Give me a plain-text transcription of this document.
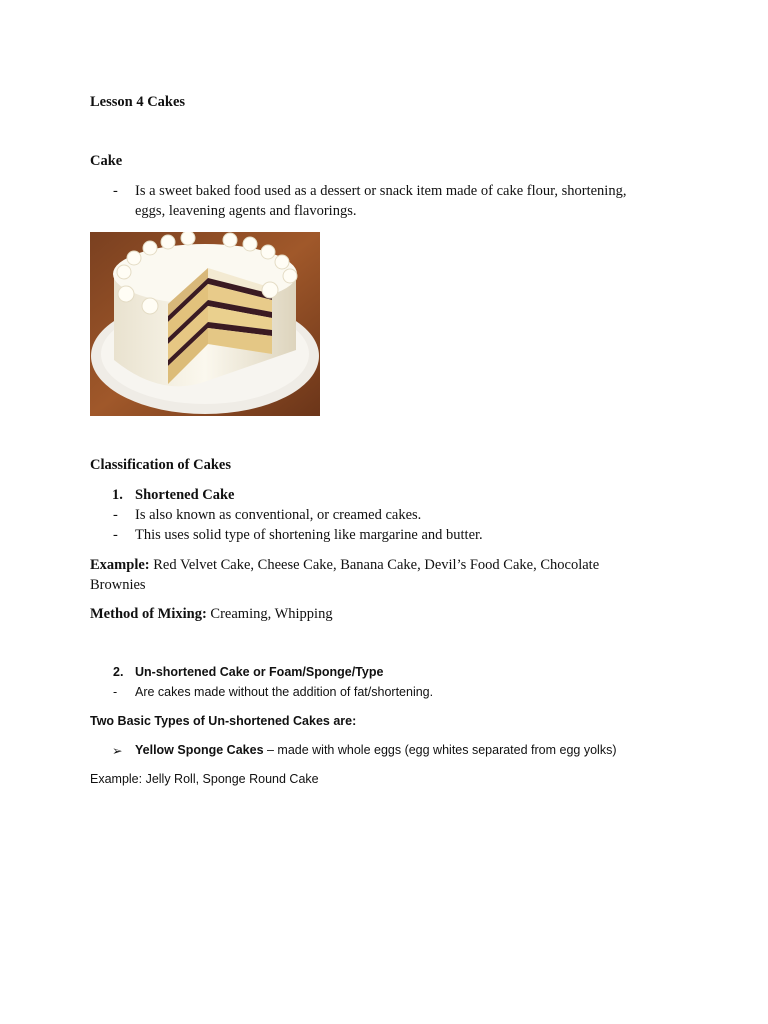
Lesson 4 Cakes
Cake
- Is a sweet baked food used as a dessert or snack item made of cake flour, shortening,
eggs, leavening agents and flavorings.
Classification of Cakes
1. Shortened Cake
- Is also known as conventional, or creamed cakes.
- This uses solid type of shortening like margarine and butter.
Example: Red Velvet Cake, Cheese Cake, Banana Cake, Devil’s Food Cake, Chocolate
Brownies
Method of Mixing: Creaming, Whipping
2. Un-shortened Cake or Foam/Sponge/Type
- Are cakes made without the addition of fat/shortening.
Two Basic Types of Un-shortened Cakes are:
➢ Yellow Sponge Cakes – made with whole eggs (egg whites separated from egg yolks)
Example: Jelly Roll, Sponge Round Cake
